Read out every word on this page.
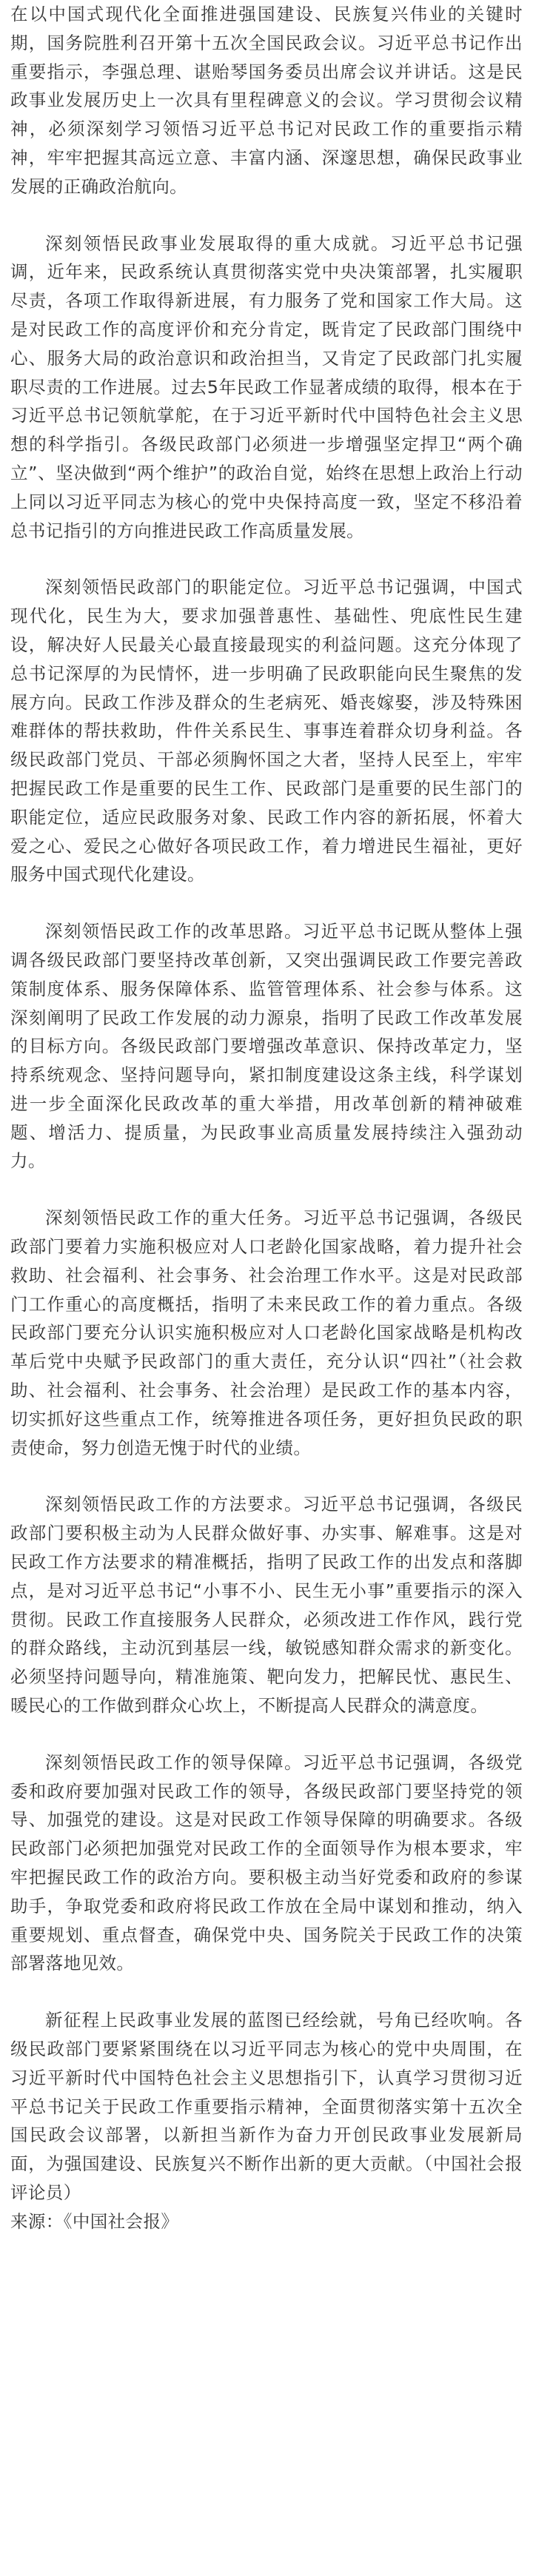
在以中国式现代化全面推进强国建设、民族复兴伟业的关键时期，国务院胜利召开第十五次全国民政会议。习近平总书记作出重要指示，李强总理、谌贻琴国务委员出席会议并讲话。这是民政事业发展历史上一次具有里程碑意义的会议。学习贯彻会议精神，必须深刻学习领悟习近平总书记对民政工作的重要指示精神，牢牢把握其高远立意、丰富内涵、深邃思想，确保民政事业发展的正确政治航向。

深刻领悟民政事业发展取得的重大成就。习近平总书记强调，近年来，民政系统认真贯彻落实党中央决策部署，扎实履职尽责，各项工作取得新进展，有力服务了党和国家工作大局。这是对民政工作的高度评价和充分肯定，既肯定了民政部门围绕中心、服务大局的政治意识和政治担当，又肯定了民政部门扎实履职尽责的工作进展。过去5年民政工作显著成绩的取得，根本在于习近平总书记领航掌舵，在于习近平新时代中国特色社会主义思想的科学指引。各级民政部门必须进一步增强坚定捍卫“两个确立”、坚决做到“两个维护”的政治自觉，始终在思想上政治上行动上同以习近平同志为核心的党中央保持高度一致，坚定不移沿着总书记指引的方向推进民政工作高质量发展。

深刻领悟民政部门的职能定位。习近平总书记强调，中国式现代化，民生为大，要求加强普惠性、基础性、兜底性民生建设，解决好人民最关心最直接最现实的利益问题。这充分体现了总书记深厚的为民情怀，进一步明确了民政职能向民生聚焦的发展方向。民政工作涉及群众的生老病死、婚丧嫁娶，涉及特殊困难群体的帮扶救助，件件关系民生、事事连着群众切身利益。各级民政部门党员、干部必须胸怀国之大者，坚持人民至上，牢牢把握民政工作是重要的民生工作、民政部门是重要的民生部门的职能定位，适应民政服务对象、民政工作内容的新拓展，怀着大爱之心、爱民之心做好各项民政工作，着力增进民生福祉，更好服务中国式现代化建设。

深刻领悟民政工作的改革思路。习近平总书记既从整体上强调各级民政部门要坚持改革创新，又突出强调民政工作要完善政策制度体系、服务保障体系、监管管理体系、社会参与体系。这深刻阐明了民政工作发展的动力源泉，指明了民政工作改革发展的目标方向。各级民政部门要增强改革意识、保持改革定力，坚持系统观念、坚持问题导向，紧扣制度建设这条主线，科学谋划进一步全面深化民政改革的重大举措，用改革创新的精神破难题、增活力、提质量，为民政事业高质量发展持续注入强劲动力。

深刻领悟民政工作的重大任务。习近平总书记强调，各级民政部门要着力实施积极应对人口老龄化国家战略，着力提升社会救助、社会福利、社会事务、社会治理工作水平。这是对民政部门工作重心的高度概括，指明了未来民政工作的着力重点。各级民政部门要充分认识实施积极应对人口老龄化国家战略是机构改革后党中央赋予民政部门的重大责任，充分认识“四社”（社会救助、社会福利、社会事务、社会治理）是民政工作的基本内容，切实抓好这些重点工作，统筹推进各项任务，更好担负民政的职责使命，努力创造无愧于时代的业绩。

深刻领悟民政工作的方法要求。习近平总书记强调，各级民政部门要积极主动为人民群众做好事、办实事、解难事。这是对民政工作方法要求的精准概括，指明了民政工作的出发点和落脚点，是对习近平总书记“小事不小、民生无小事”重要指示的深入贯彻。民政工作直接服务人民群众，必须改进工作作风，践行党的群众路线，主动沉到基层一线，敏锐感知群众需求的新变化。必须坚持问题导向，精准施策、靶向发力，把解民忧、惠民生、暖民心的工作做到群众心坎上，不断提高人民群众的满意度。

深刻领悟民政工作的领导保障。习近平总书记强调，各级党委和政府要加强对民政工作的领导，各级民政部门要坚持党的领导、加强党的建设。这是对民政工作领导保障的明确要求。各级民政部门必须把加强党对民政工作的全面领导作为根本要求，牢牢把握民政工作的政治方向。要积极主动当好党委和政府的参谋助手，争取党委和政府将民政工作放在全局中谋划和推动，纳入重要规划、重点督查，确保党中央、国务院关于民政工作的决策部署落地见效。

新征程上民政事业发展的蓝图已经绘就，号角已经吹响。各级民政部门要紧紧围绕在以习近平同志为核心的党中央周围，在习近平新时代中国特色社会主义思想指引下，认真学习贯彻习近平总书记关于民政工作重要指示精神，全面贯彻落实第十五次全国民政会议部署，以新担当新作为奋力开创民政事业发展新局面，为强国建设、民族复兴不断作出新的更大贡献。（中国社会报评论员）

来源：《中国社会报》
